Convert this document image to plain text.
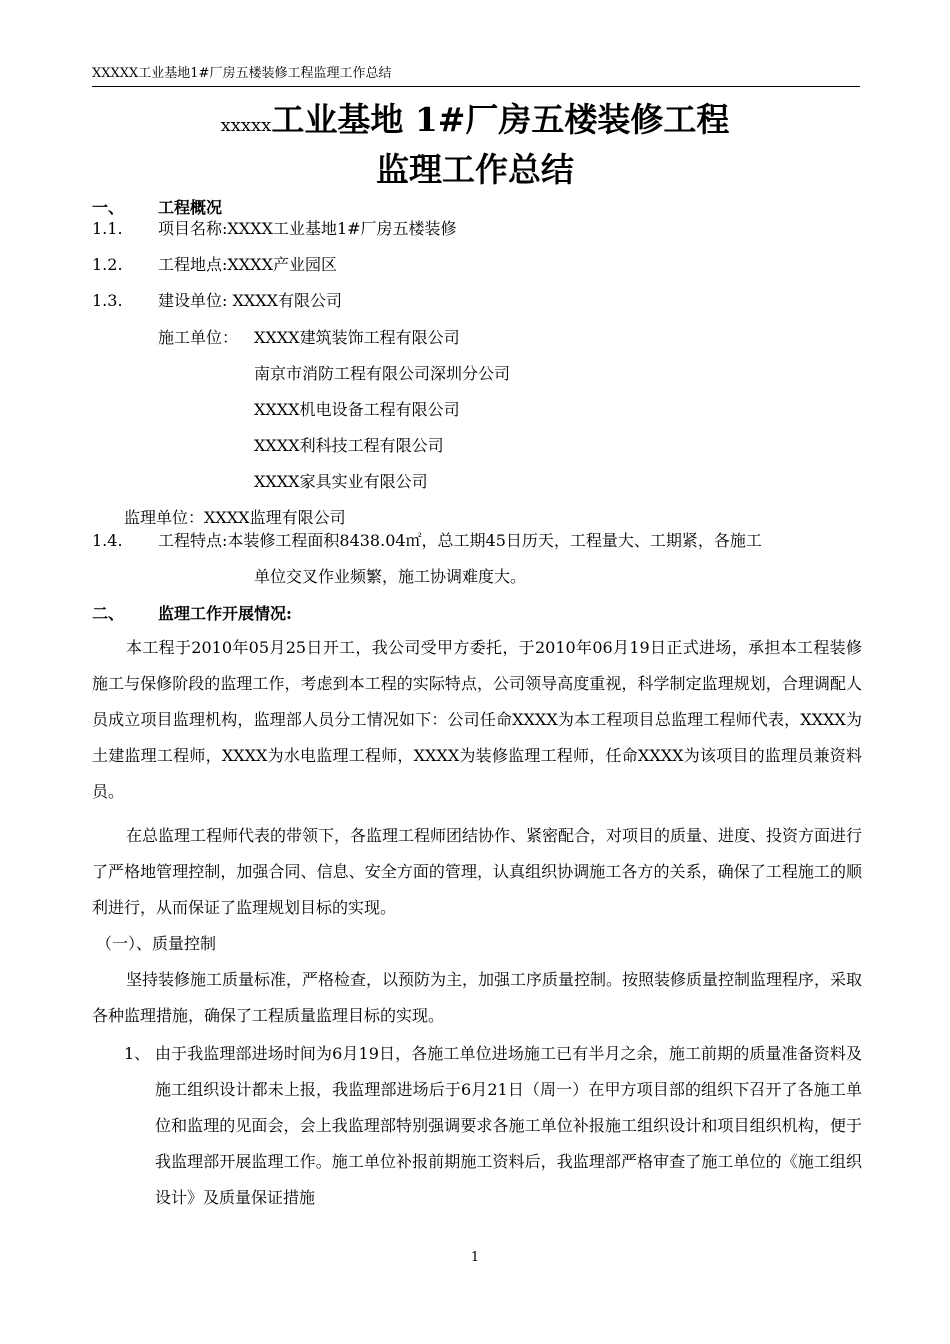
XXXXX工业基地1#厂房五楼装修工程监理工作总结
xxxxx工业基地 1#厂房五楼装修工程
监理工作总结
一、 工程概况
1.1. 项目名称:XXXX工业基地1#厂房五楼装修
1.2. 工程地点:XXXX产业园区
1.3. 建设单位: XXXX有限公司
施工单位： XXXX建筑装饰工程有限公司
南京市消防工程有限公司深圳分公司
XXXX机电设备工程有限公司
XXXX利科技工程有限公司
XXXX家具实业有限公司
监理单位：XXXX监理有限公司
1.4. 工程特点:本装修工程面积8438.04㎡，总工期45日历天，工程量大、工期紧，各施工
单位交叉作业频繁，施工协调难度大。
二、 监理工作开展情况:
本工程于2010年05月25日开工，我公司受甲方委托，于2010年06月19日正式进场，承担本工程装修施工与保修阶段的监理工作，考虑到本工程的实际特点，公司领导高度重视，科学制定监理规划，合理调配人员成立项目监理机构，监理部人员分工情况如下：公司任命XXXX为本工程项目总监理工程师代表，XXXX为土建监理工程师，XXXX为水电监理工程师，XXXX为装修监理工程师，任命XXXX为该项目的监理员兼资料员。
在总监理工程师代表的带领下，各监理工程师团结协作、紧密配合，对项目的质量、进度、投资方面进行了严格地管理控制，加强合同、信息、安全方面的管理，认真组织协调施工各方的关系，确保了工程施工的顺利进行，从而保证了监理规划目标的实现。
（一）、质量控制
坚持装修施工质量标准，严格检查，以预防为主，加强工序质量控制。按照装修质量控制监理程序，采取各种监理措施，确保了工程质量监理目标的实现。
1、 由于我监理部进场时间为6月19日，各施工单位进场施工已有半月之余，施工前期的质量准备资料及施工组织设计都未上报，我监理部进场后于6月21日（周一）在甲方项目部的组织下召开了各施工单位和监理的见面会，会上我监理部特别强调要求各施工单位补报施工组织设计和项目组织机构，便于我监理部开展监理工作。施工单位补报前期施工资料后，我监理部严格审查了施工单位的《施工组织设计》及质量保证措施
1
